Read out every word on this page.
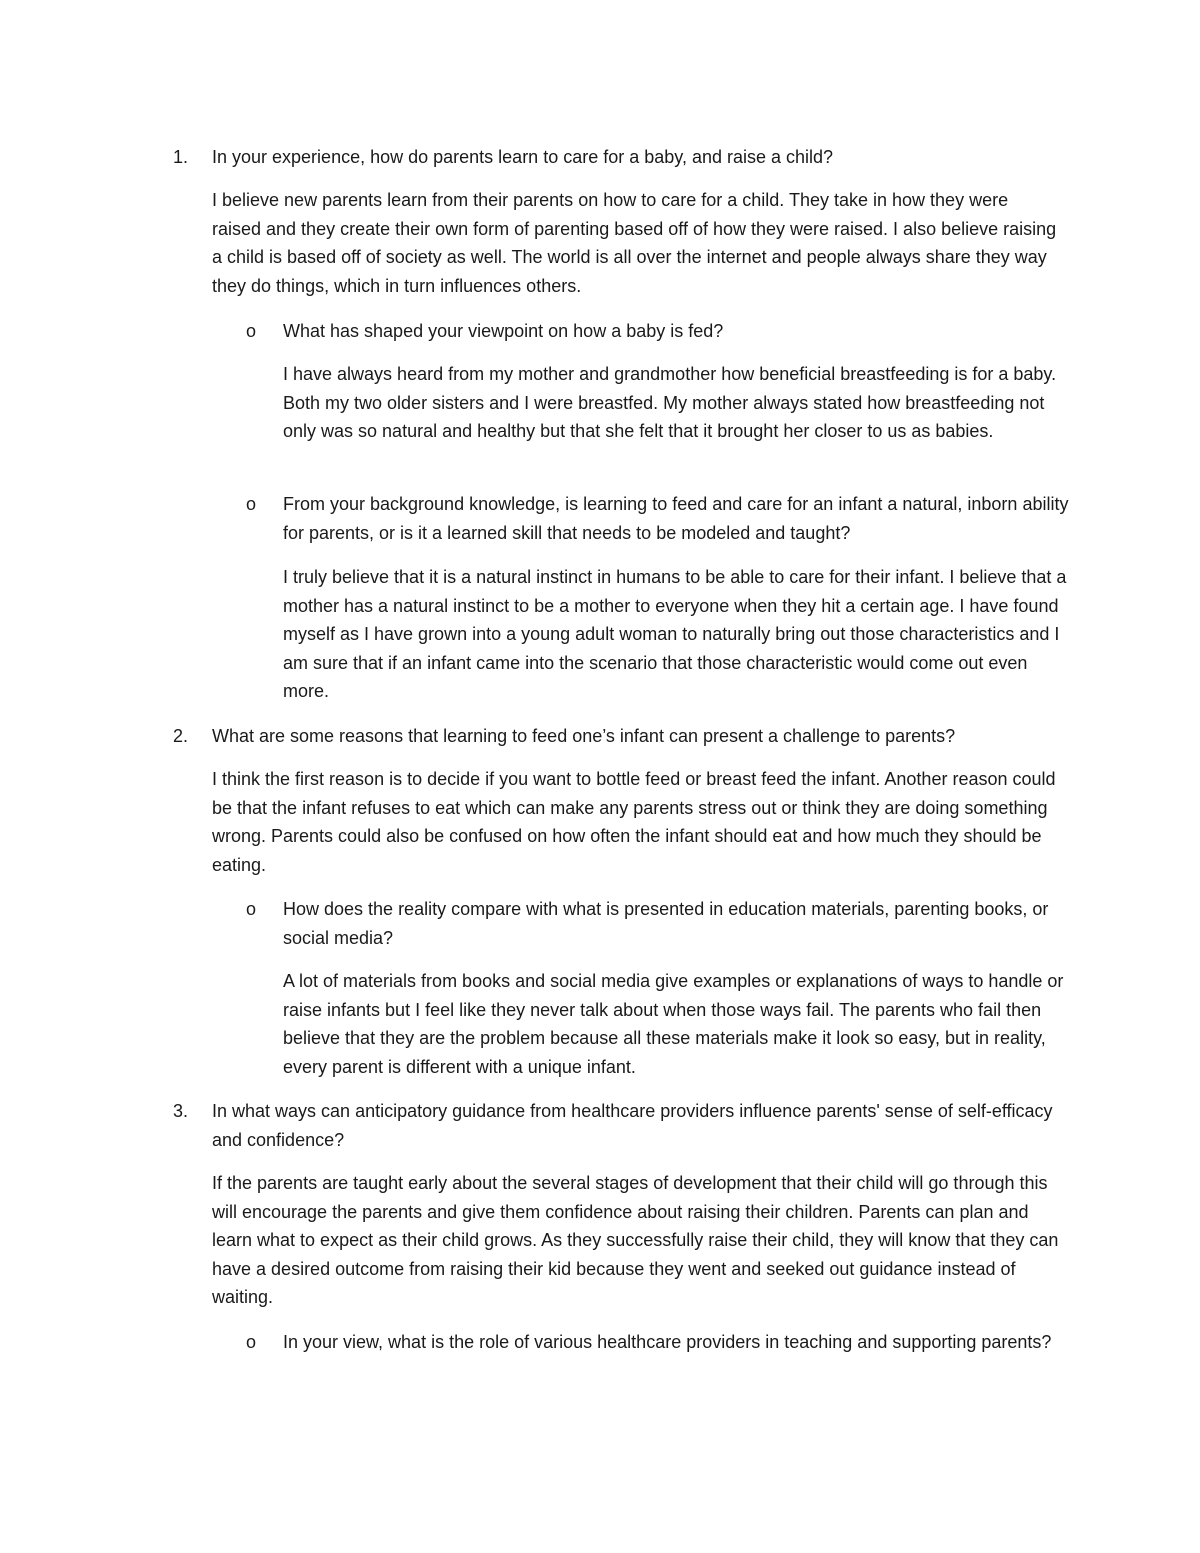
1.	In your experience, how do parents learn to care for a baby, and raise a child?

I believe new parents learn from their parents on how to care for a child. They take in how they were raised and they create their own form of parenting based off of how they were raised. I also believe raising a child is based off of society as well. The world is all over the internet and people always share they way they do things, which in turn influences others.

o	What has shaped your viewpoint on how a baby is fed?

I have always heard from my mother and grandmother how beneficial breastfeeding is for a baby. Both my two older sisters and I were breastfed. My mother always stated how breastfeeding not only was so natural and healthy but that she felt that it brought her closer to us as babies.

o	From your background knowledge, is learning to feed and care for an infant a natural, inborn ability for parents, or is it a learned skill that needs to be modeled and taught?

I truly believe that it is a natural instinct in humans to be able to care for their infant. I believe that a mother has a natural instinct to be a mother to everyone when they hit a certain age. I have found myself as I have grown into a young adult woman to naturally bring out those characteristics and I am sure that if an infant came into the scenario that those characteristic would come out even more.

2.	What are some reasons that learning to feed one’s infant can present a challenge to parents?

I think the first reason is to decide if you want to bottle feed or breast feed the infant. Another reason could be that the infant refuses to eat which can make any parents stress out or think they are doing something wrong. Parents could also be confused on how often the infant should eat and how much they should be eating.

o	How does the reality compare with what is presented in education materials, parenting books, or social media?

A lot of materials from books and social media give examples or explanations of ways to handle or raise infants but I feel like they never talk about when those ways fail. The parents who fail then believe that they are the problem because all these materials make it look so easy, but in reality, every parent is different with a unique infant.

3.	In what ways can anticipatory guidance from healthcare providers influence parents' sense of self-efficacy and confidence?

If the parents are taught early about the several stages of development that their child will go through this will encourage the parents and give them confidence about raising their children. Parents can plan and learn what to expect as their child grows. As they successfully raise their child, they will know that they can have a desired outcome from raising their kid because they went and seeked out guidance instead of waiting.

o	In your view, what is the role of various healthcare providers in teaching and supporting parents?
